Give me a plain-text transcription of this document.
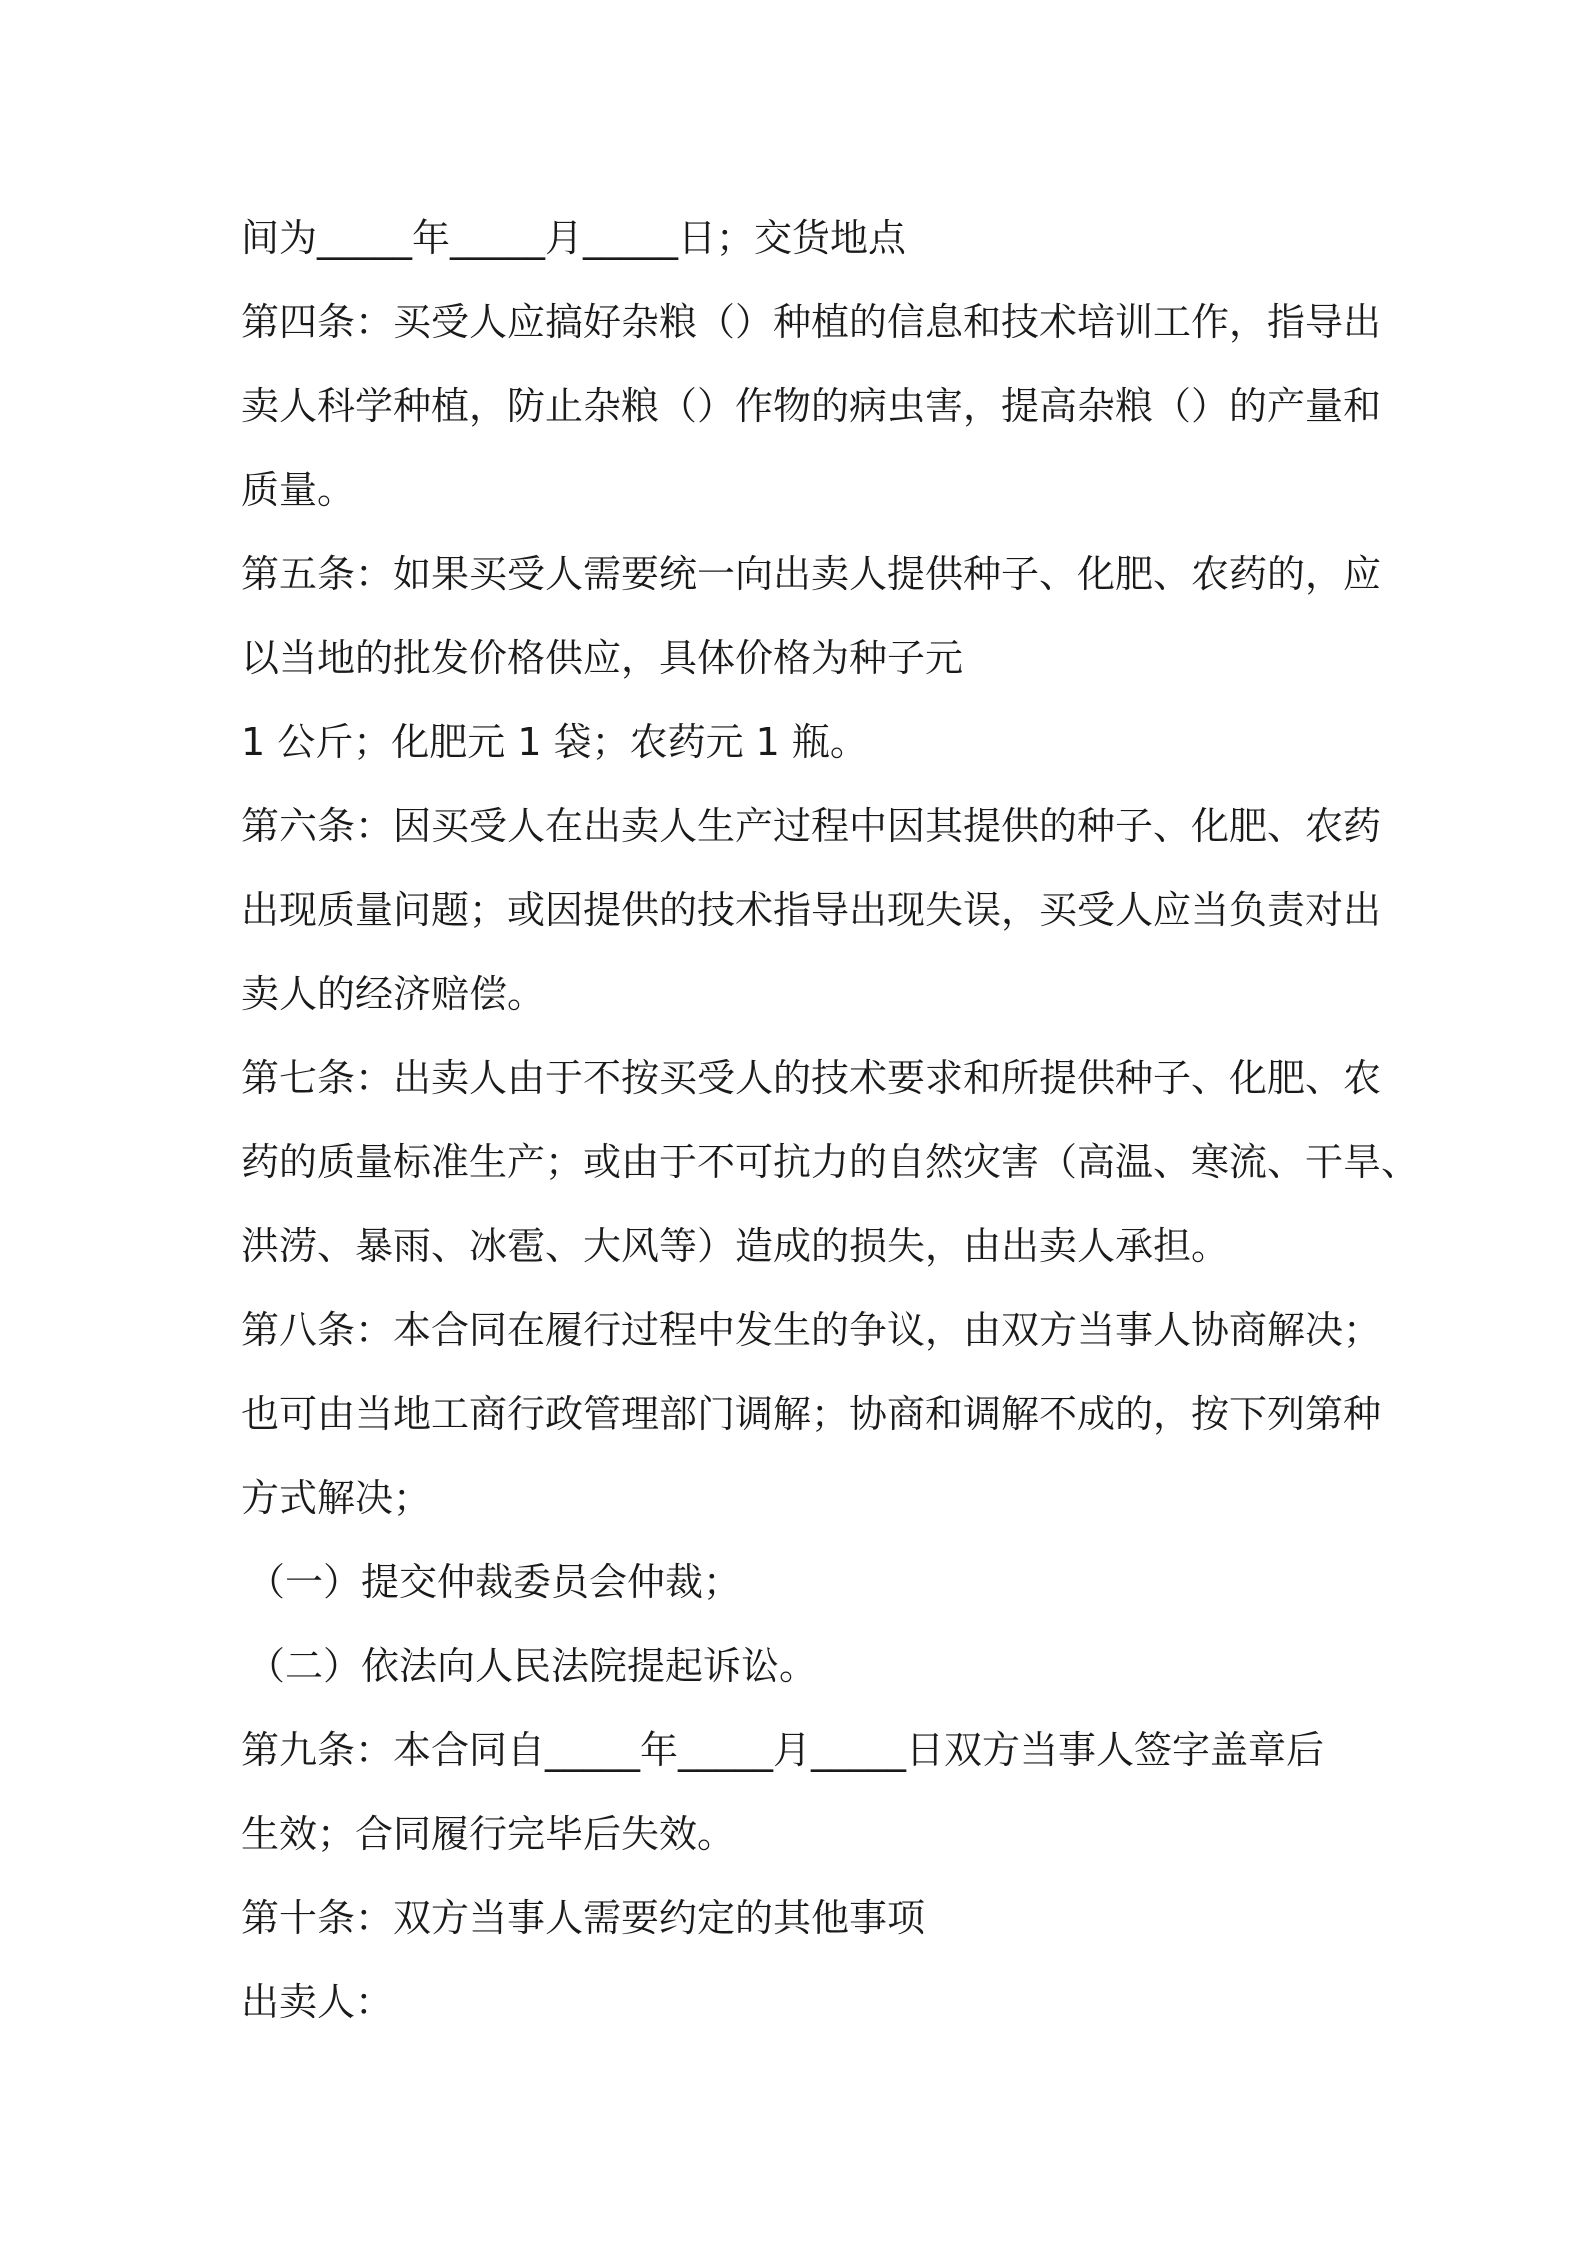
间为_____年_____月_____日；交货地点
第四条：买受人应搞好杂粮（）种植的信息和技术培训工作，指导出
卖人科学种植，防止杂粮（）作物的病虫害，提高杂粮（）的产量和
质量。
第五条：如果买受人需要统一向出卖人提供种子、化肥、农药的，应
以当地的批发价格供应，具体价格为种子元
1 公斤；化肥元 1 袋；农药元 1 瓶。
第六条：因买受人在出卖人生产过程中因其提供的种子、化肥、农药
出现质量问题；或因提供的技术指导出现失误，买受人应当负责对出
卖人的经济赔偿。
第七条：出卖人由于不按买受人的技术要求和所提供种子、化肥、农
药的质量标准生产；或由于不可抗力的自然灾害（高温、寒流、干旱、
洪涝、暴雨、冰雹、大风等）造成的损失，由出卖人承担。
第八条：本合同在履行过程中发生的争议，由双方当事人协商解决；
也可由当地工商行政管理部门调解；协商和调解不成的，按下列第种
方式解决；
（一）提交仲裁委员会仲裁；
（二）依法向人民法院提起诉讼。
第九条：本合同自_____年_____月_____日双方当事人签字盖章后
生效；合同履行完毕后失效。
第十条：双方当事人需要约定的其他事项
出卖人：
